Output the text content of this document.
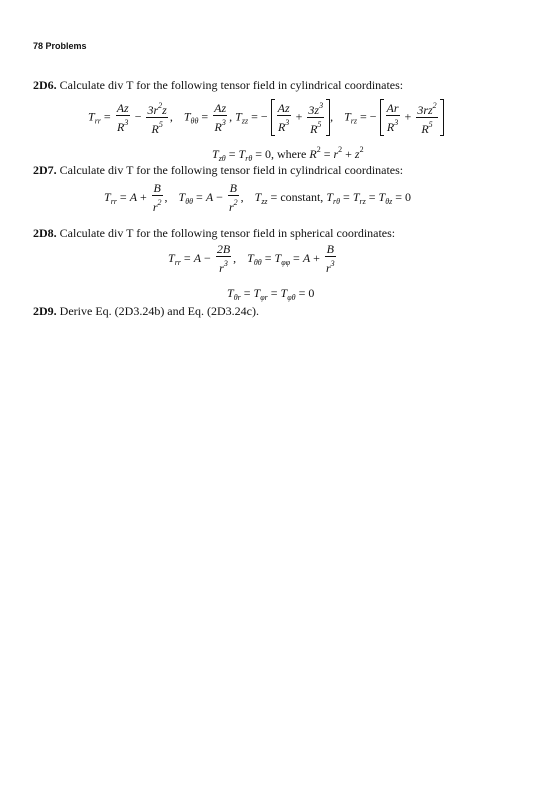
78 Problems
2D6. Calculate div T for the following tensor field in cylindrical coordinates:
$T_{rr} = \frac{Az}{R^3} - \frac{3r^2z}{R^5}$ , $T_{\theta\theta} = \frac{Az}{R^3}$ , $T_{zz}$ = − $\frac{Az}{R^3} + \frac{3z^3}{R^5}$ , $T_{rz}$ = − $\frac{Ar}{R^3} + \frac{3rz^2}{R^5}$
$T_{z\theta} = T_{r\theta} = 0$, where $R^2 = r^2 + z^2$
2D7. Calculate div T for the following tensor field in cylindrical coordinates:
$T_{rr} = A + \frac{B}{r^2}$ , $T_{\theta\theta} = A - \frac{B}{r^2}$ , $T_{zz}$ = constant, $T_{r\theta} = T_{rz} = T_{\theta z} = 0$
2D8. Calculate div T for the following tensor field in spherical coordinates:
$T_{rr} = A - \frac{2B}{r^3}$ , $T_{\theta\theta} = T_{\varphi\varphi} = A + \frac{B}{r^3}$
$T_{\theta r} = T_{\varphi r} = T_{\varphi\theta} = 0$
2D9. Derive Eq. (2D3.24b) and Eq. (2D3.24c).
